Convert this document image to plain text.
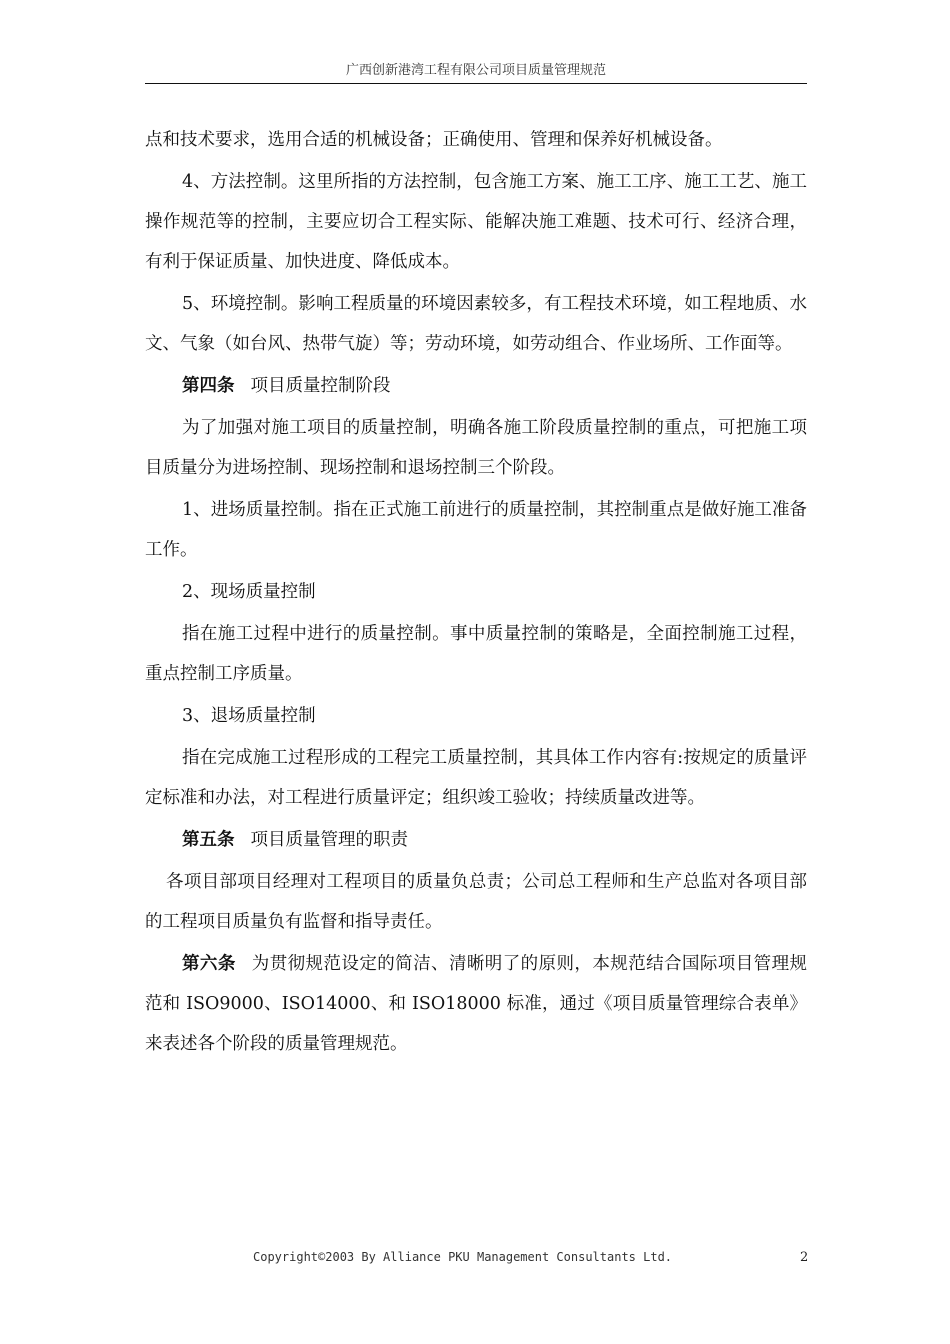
广西创新港湾工程有限公司项目质量管理规范

点和技术要求，选用合适的机械设备；正确使用、管理和保养好机械设备。

4、方法控制。这里所指的方法控制，包含施工方案、施工工序、施工工艺、施工操作规范等的控制，主要应切合工程实际、能解决施工难题、技术可行、经济合理，有利于保证质量、加快进度、降低成本。

5、环境控制。影响工程质量的环境因素较多，有工程技术环境，如工程地质、水文、气象（如台风、热带气旋）等；劳动环境，如劳动组合、作业场所、工作面等。

第四条 项目质量控制阶段

为了加强对施工项目的质量控制，明确各施工阶段质量控制的重点，可把施工项目质量分为进场控制、现场控制和退场控制三个阶段。

1、进场质量控制。指在正式施工前进行的质量控制，其控制重点是做好施工准备工作。

2、现场质量控制

指在施工过程中进行的质量控制。事中质量控制的策略是，全面控制施工过程，重点控制工序质量。

3、退场质量控制

指在完成施工过程形成的工程完工质量控制，其具体工作内容有:按规定的质量评定标准和办法，对工程进行质量评定；组织竣工验收；持续质量改进等。

第五条 项目质量管理的职责

各项目部项目经理对工程项目的质量负总责；公司总工程师和生产总监对各项目部的工程项目质量负有监督和指导责任。

第六条 为贯彻规范设定的简洁、清晰明了的原则，本规范结合国际项目管理规范和 ISO9000、ISO14000、和 ISO18000 标准，通过《项目质量管理综合表单》来表述各个阶段的质量管理规范。

Copyright©2003 By Alliance PKU Management Consultants Ltd.	2
